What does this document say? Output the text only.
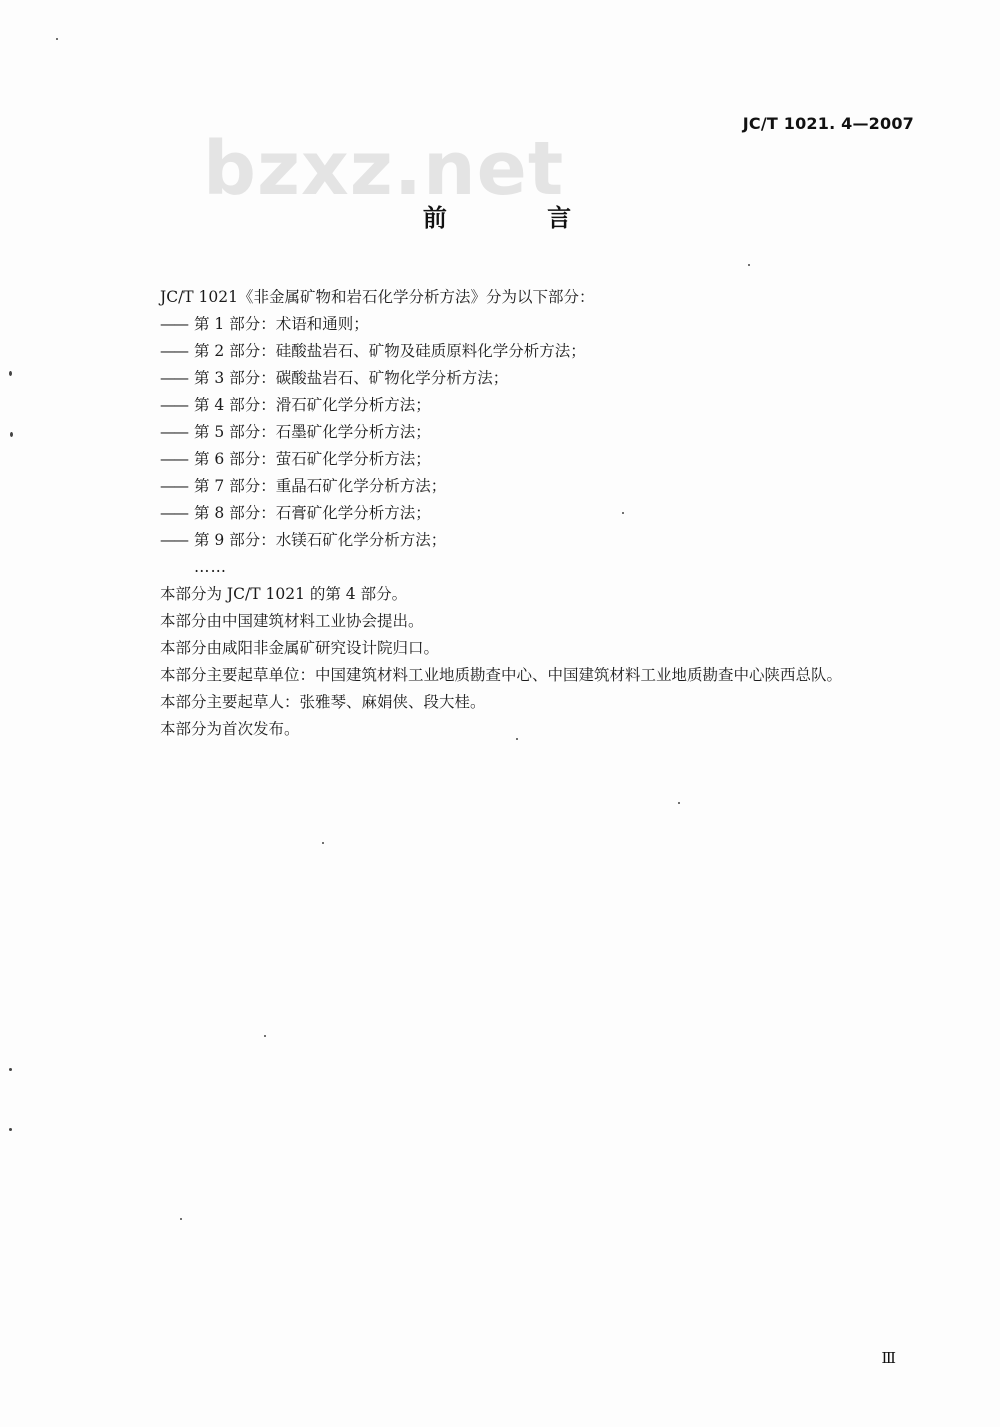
JC/T 1021. 4—2007
bzxz.net
前 言

JC/T 1021《非金属矿物和岩石化学分析方法》分为以下部分：

—— 第 1 部分：术语和通则；
—— 第 2 部分：硅酸盐岩石、矿物及硅质原料化学分析方法；
—— 第 3 部分：碳酸盐岩石、矿物化学分析方法；
—— 第 4 部分：滑石矿化学分析方法；
—— 第 5 部分：石墨矿化学分析方法；
—— 第 6 部分：萤石矿化学分析方法；
—— 第 7 部分：重晶石矿化学分析方法；
—— 第 8 部分：石膏矿化学分析方法；
—— 第 9 部分：水镁石矿化学分析方法；
……

本部分为 JC/T 1021 的第 4 部分。

本部分由中国建筑材料工业协会提出。

本部分由咸阳非金属矿研究设计院归口。

本部分主要起草单位：中国建筑材料工业地质勘查中心、中国建筑材料工业地质勘查中心陕西总队。

本部分主要起草人：张雅琴、麻娟侠、段大桂。

本部分为首次发布。

Ⅲ
